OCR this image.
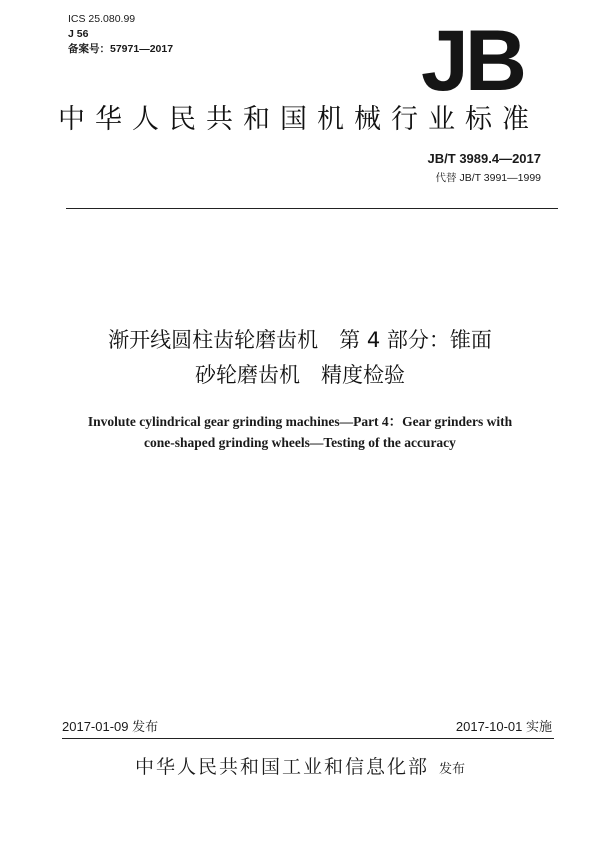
ICS 25.080.99
J 56
备案号：57971—2017	JB
中华人民共和国机械行业标准
JB/T 3989.4—2017
代替 JB/T 3991—1999
渐开线圆柱齿轮磨齿机　第 4 部分：锥面
砂轮磨齿机　精度检验
Involute cylindrical gear grinding machines—Part 4：Gear grinders with
cone-shaped grinding wheels—Testing of the accuracy
2017-01-09 发布	2017-10-01 实施
中华人民共和国工业和信息化部 发布
